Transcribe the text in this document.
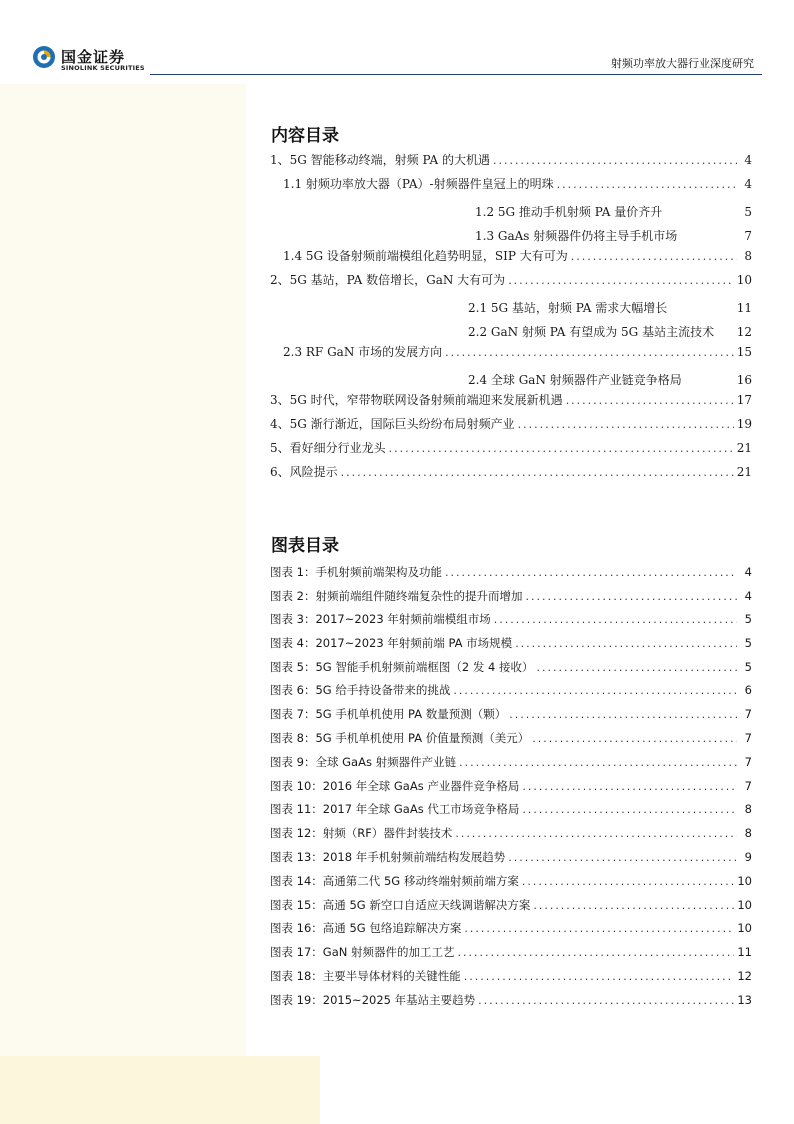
国金证券
SINOLINK SECURITIES	射频功率放大器行业深度研究
内容目录
1、5G 智能移动终端，射频 PA 的大机遇 .....	4
1.1 射频功率放大器（PA）-射频器件皇冠上的明珠 .....	4
1.2 5G 推动手机射频 PA 量价齐升	5
1.3 GaAs 射频器件仍将主导手机市场	7
1.4 5G 设备射频前端模组化趋势明显，SIP 大有可为 .....	8
2、5G 基站，PA 数倍增长，GaN 大有可为 .....	10
2.1 5G 基站，射频 PA 需求大幅增长	11
2.2 GaN 射频 PA 有望成为 5G 基站主流技术 12
2.3 RF GaN 市场的发展方向 .....	15
2.4 全球 GaN 射频器件产业链竞争格局	16
3、5G 时代，窄带物联网设备射频前端迎来发展新机遇 .....	17
4、5G 渐行渐近，国际巨头纷纷布局射频产业 .....	19
5、看好细分行业龙头 .....	21
6、风险提示 .....	21
图表目录
图表 1：手机射频前端架构及功能 .....	4
图表 2：射频前端组件随终端复杂性的提升而增加 .....	4
图表 3：2017~2023 年射频前端模组市场 .....	5
图表 4：2017~2023 年射频前端 PA 市场规模 .....	5
图表 5：5G 智能手机射频前端框图（2 发 4 接收） .....	5
图表 6：5G 给手持设备带来的挑战 .....	6
图表 7：5G 手机单机使用 PA 数量预测（颗） .....	7
图表 8：5G 手机单机使用 PA 价值量预测（美元） .....	7
图表 9：全球 GaAs 射频器件产业链 .....	7
图表 10：2016 年全球 GaAs 产业器件竞争格局 .....	7
图表 11：2017 年全球 GaAs 代工市场竞争格局 .....	8
图表 12：射频（RF）器件封装技术 .....	8
图表 13：2018 年手机射频前端结构发展趋势 .....	9
图表 14：高通第二代 5G 移动终端射频前端方案 .....	10
图表 15：高通 5G 新空口自适应天线调谐解决方案 .....	10
图表 16：高通 5G 包络追踪解决方案 .....	10
图表 17：GaN 射频器件的加工工艺 .....	11
图表 18：主要半导体材料的关键性能 .....	12
图表 19：2015~2025 年基站主要趋势 .....	13
